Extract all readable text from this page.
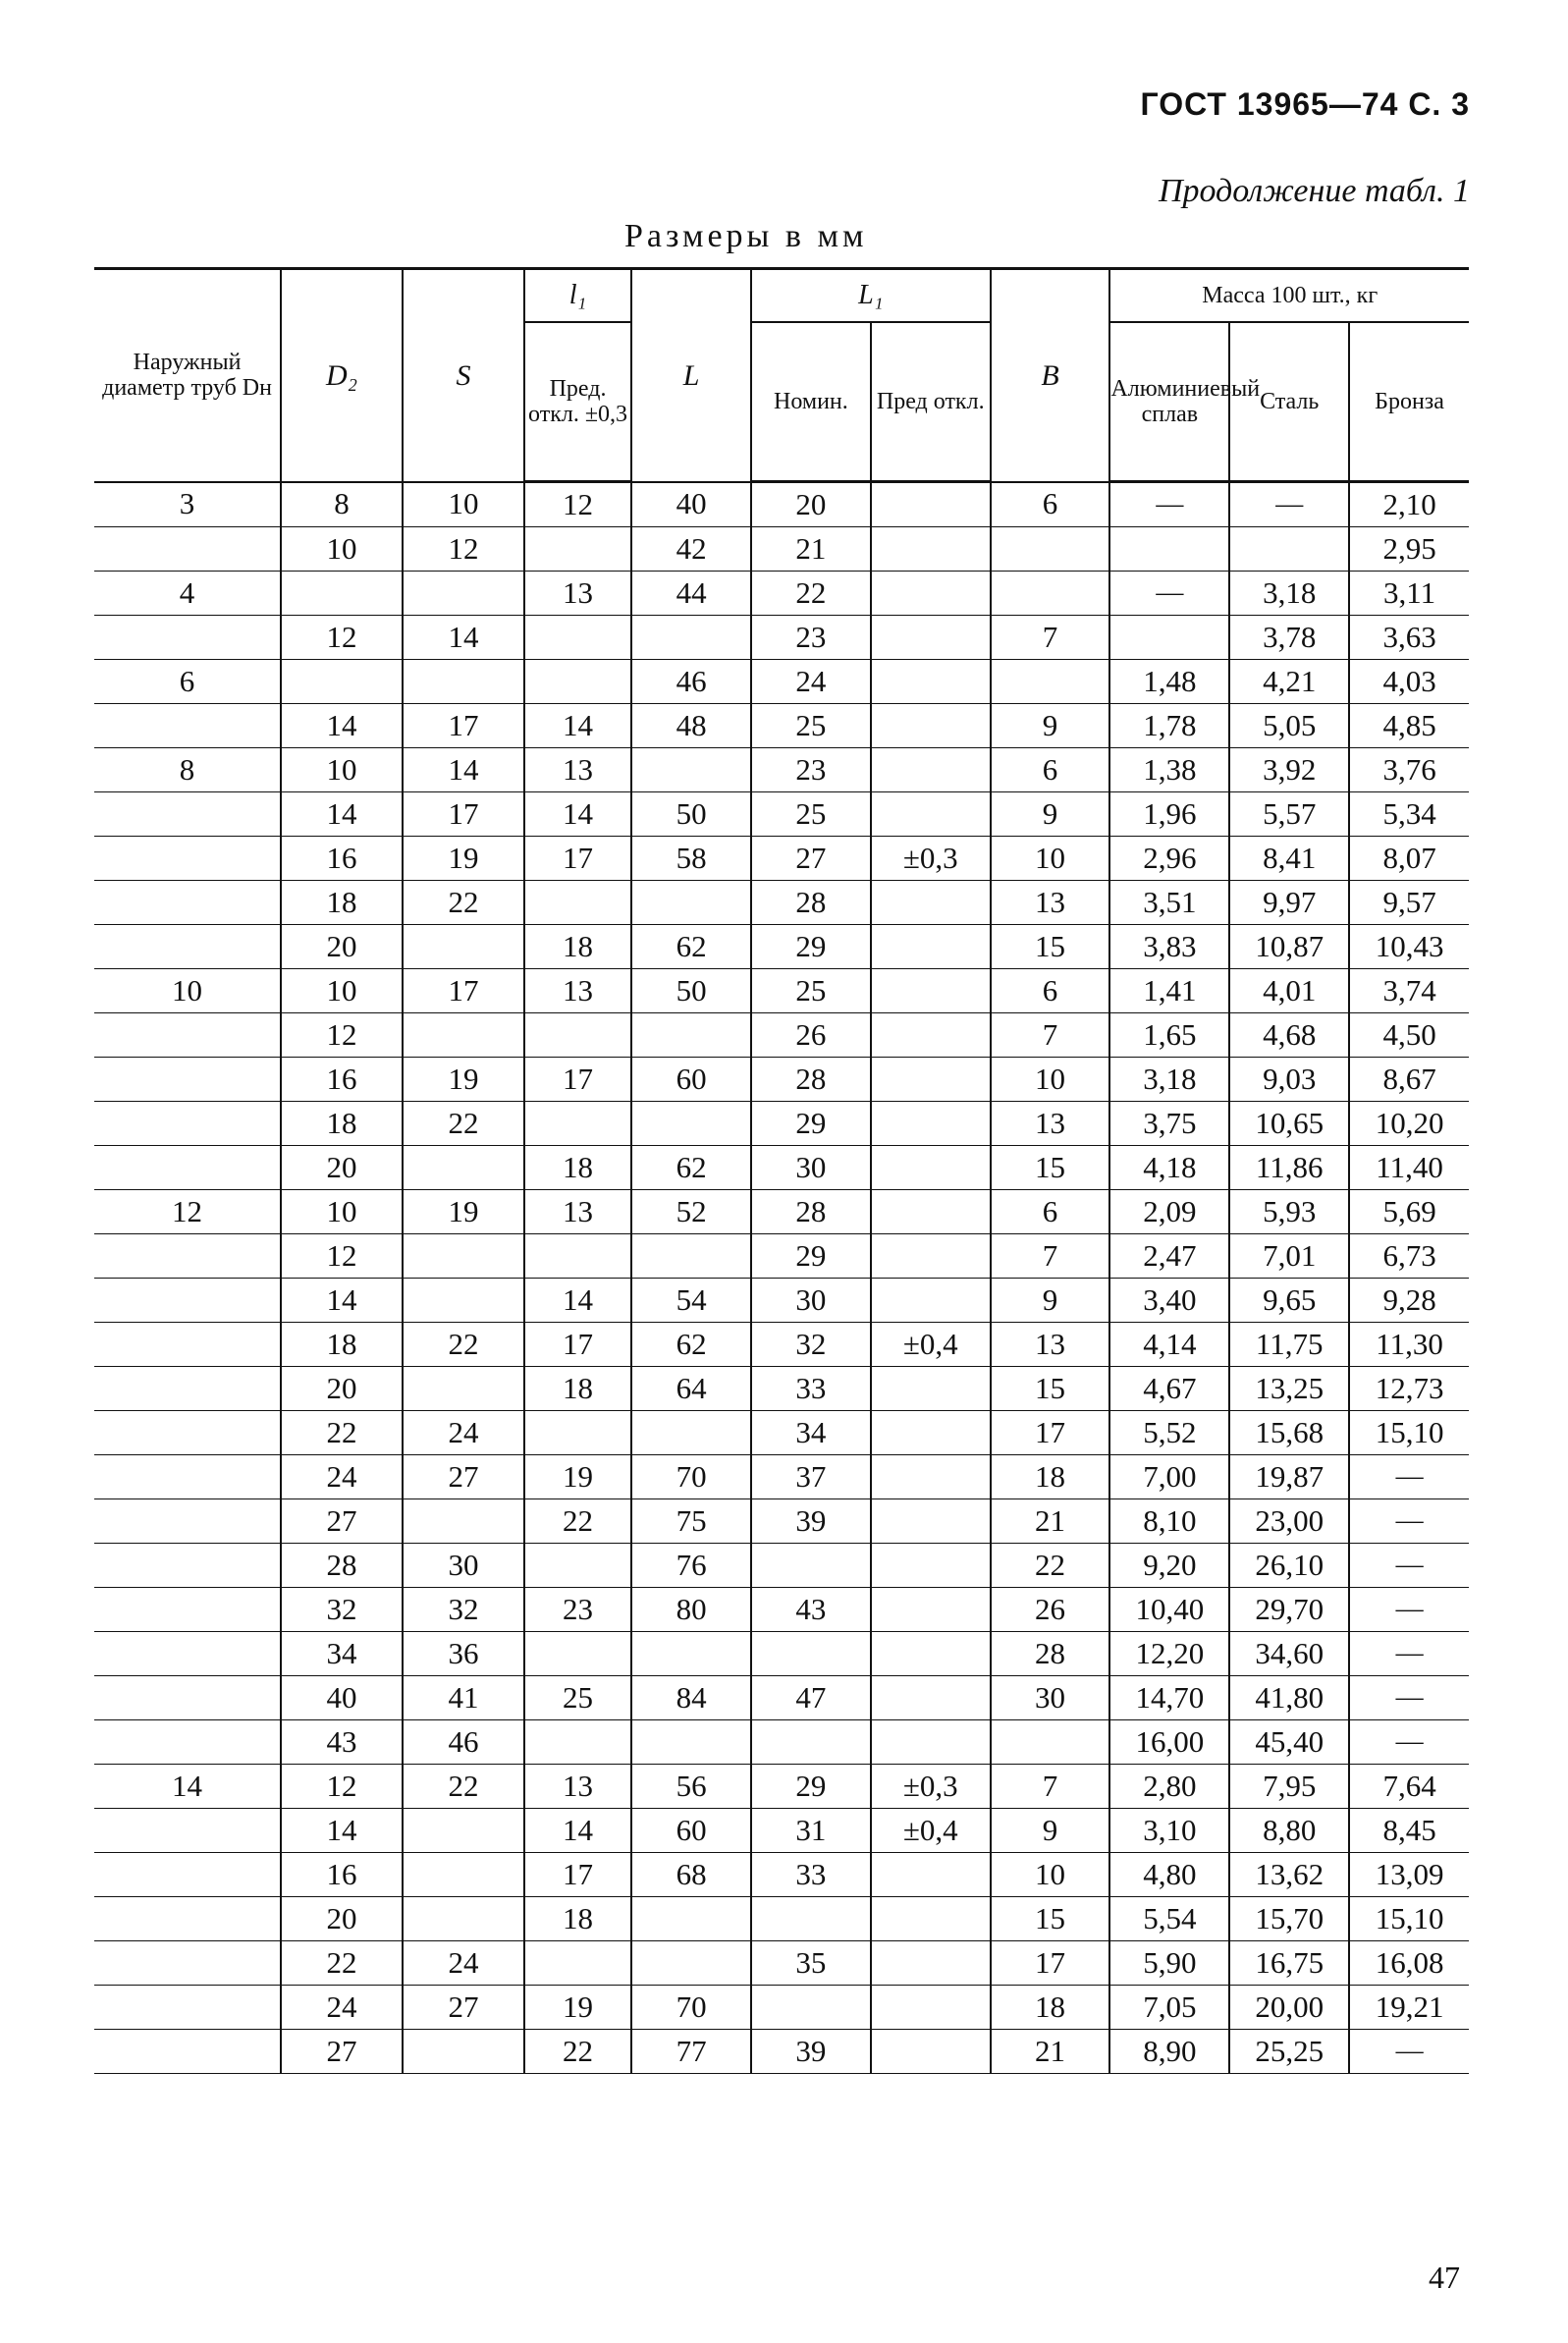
ГОСТ 13965—74 С. 3
Продолжение табл. 1
Размеры в мм
Наружный диаметр труб Dн	D₂	S	l₁	L	L₁		B	Масса 100 шт., кг		
			Пред. откл. ±0,3		Номин.	Пред откл.		Алюминиевый сплав	Сталь	Бронза
3	8	10	12	40	20		6	—	—	2,10
	10	12		42	21					2,95
4			13	44	22			—	3,18	3,11
	12	14			23		7		3,78	3,63
6				46	24			1,48	4,21	4,03
	14	17	14	48	25		9	1,78	5,05	4,85
8	10	14	13		23		6	1,38	3,92	3,76
	14	17	14	50	25		9	1,96	5,57	5,34
	16	19	17	58	27	±0,3	10	2,96	8,41	8,07
	18	22			28		13	3,51	9,97	9,57
	20		18	62	29		15	3,83	10,87	10,43
10	10	17	13	50	25		6	1,41	4,01	3,74
	12				26		7	1,65	4,68	4,50
	16	19	17	60	28		10	3,18	9,03	8,67
	18	22			29		13	3,75	10,65	10,20
	20		18	62	30		15	4,18	11,86	11,40
12	10	19	13	52	28		6	2,09	5,93	5,69
	12				29		7	2,47	7,01	6,73
	14		14	54	30		9	3,40	9,65	9,28
	18	22	17	62	32	±0,4	13	4,14	11,75	11,30
	20		18	64	33		15	4,67	13,25	12,73
	22	24			34		17	5,52	15,68	15,10
	24	27	19	70	37		18	7,00	19,87	—
	27		22	75	39		21	8,10	23,00	—
	28	30		76			22	9,20	26,10	—
	32	32	23	80	43		26	10,40	29,70	—
	34	36					28	12,20	34,60	—
	40	41	25	84	47		30	14,70	41,80	—
	43	46						16,00	45,40	—
14	12	22	13	56	29	±0,3	7	2,80	7,95	7,64
	14		14	60	31	±0,4	9	3,10	8,80	8,45
	16		17	68	33		10	4,80	13,62	13,09
	20		18				15	5,54	15,70	15,10
	22	24			35		17	5,90	16,75	16,08
	24	27	19	70			18	7,05	20,00	19,21
	27		22	77	39		21	8,90	25,25	—
47
